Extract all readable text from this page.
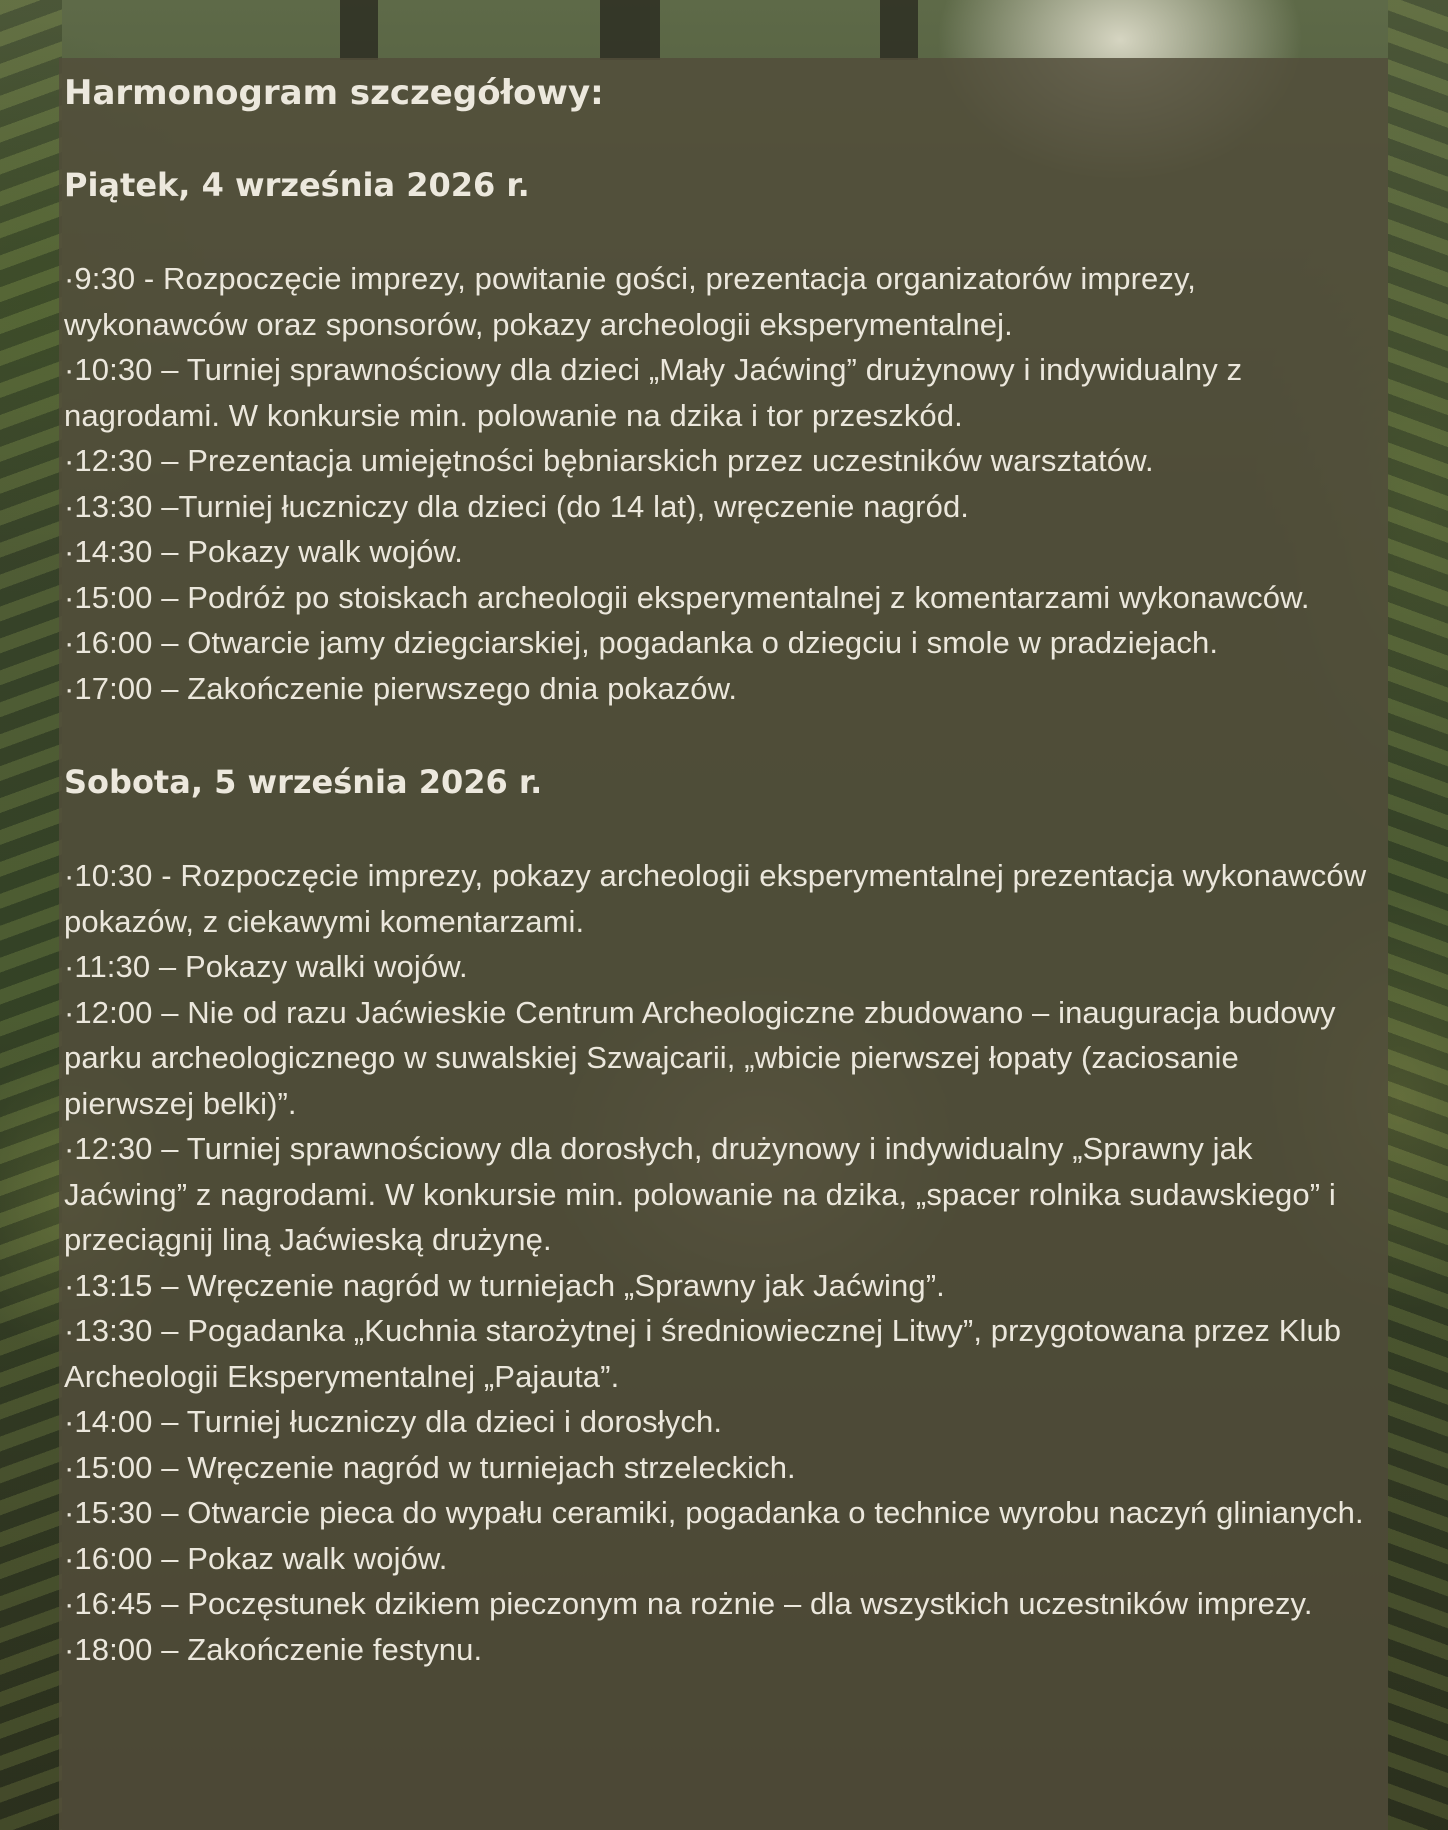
Harmonogram szczegółowy:
Piątek, 4 września 2026 r.
·9:30 - Rozpoczęcie imprezy, powitanie gości, prezentacja organizatorów imprezy, wykonawców oraz sponsorów, pokazy archeologii eksperymentalnej.
·10:30 – Turniej sprawnościowy dla dzieci „Mały Jaćwing” drużynowy i indywidualny z nagrodami. W konkursie min. polowanie na dzika i tor przeszkód.
·12:30 – Prezentacja umiejętności bębniarskich przez uczestników warsztatów.
·13:30 –Turniej łuczniczy dla dzieci (do 14 lat), wręczenie nagród.
·14:30 – Pokazy walk wojów.
·15:00 – Podróż po stoiskach archeologii eksperymentalnej z komentarzami wykonawców.
·16:00 – Otwarcie jamy dziegciarskiej, pogadanka o dziegciu i smole w pradziejach.
·17:00 – Zakończenie pierwszego dnia pokazów.
Sobota, 5 września 2026 r.
·10:30 - Rozpoczęcie imprezy, pokazy archeologii eksperymentalnej prezentacja wykonawców pokazów, z ciekawymi komentarzami.
·11:30 – Pokazy walki wojów.
·12:00 – Nie od razu Jaćwieskie Centrum Archeologiczne zbudowano – inauguracja budowy parku archeologicznego w suwalskiej Szwajcarii, „wbicie pierwszej łopaty (zaciosanie pierwszej belki)”.
·12:30 – Turniej sprawnościowy dla dorosłych, drużynowy i indywidualny „Sprawny jak Jaćwing” z nagrodami. W konkursie min. polowanie na dzika, „spacer rolnika sudawskiego” i przeciągnij liną Jaćwieską drużynę.
·13:15 – Wręczenie nagród w turniejach „Sprawny jak Jaćwing”.
·13:30 – Pogadanka „Kuchnia starożytnej i średniowiecznej Litwy”, przygotowana przez Klub Archeologii Eksperymentalnej „Pajauta”.
·14:00 – Turniej łuczniczy dla dzieci i dorosłych.
·15:00 – Wręczenie nagród w turniejach strzeleckich.
·15:30 – Otwarcie pieca do wypału ceramiki, pogadanka o technice wyrobu naczyń glinianych.
·16:00 – Pokaz walk wojów.
·16:45 – Poczęstunek dzikiem pieczonym na rożnie – dla wszystkich uczestników imprezy.
·18:00 – Zakończenie festynu.
